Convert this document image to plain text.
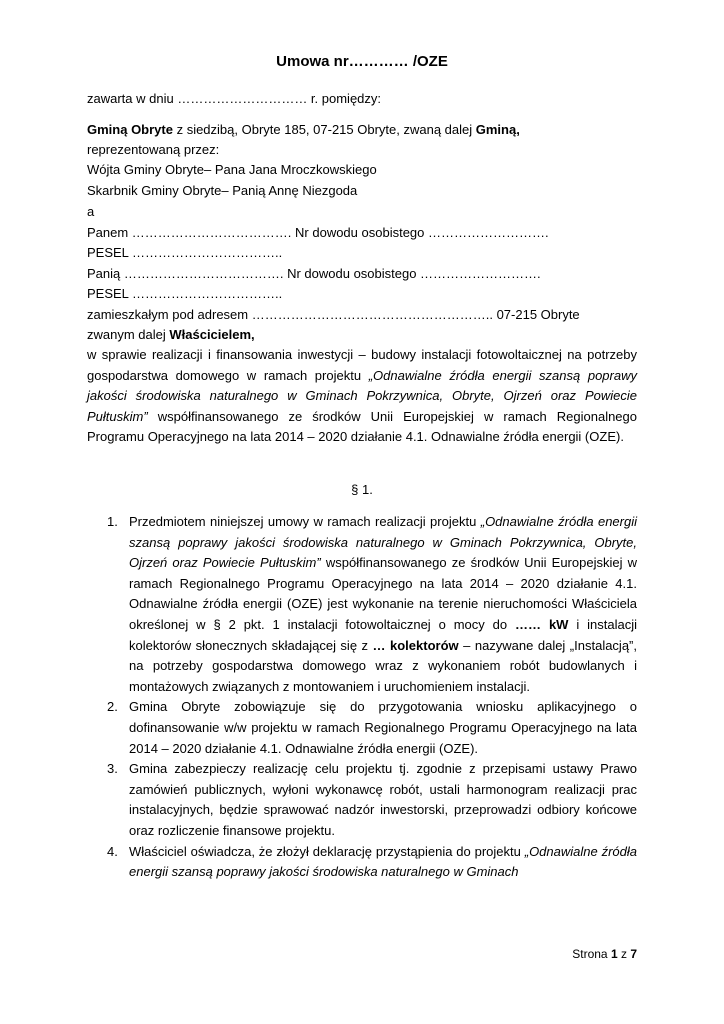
Umowa nr………… /OZE
zawarta w dniu ………………………… r. pomiędzy:
Gminą Obryte z siedzibą, Obryte 185, 07-215 Obryte, zwaną dalej Gminą,
reprezentowaną przez:
Wójta Gminy Obryte– Pana Jana Mroczkowskiego
Skarbnik Gminy Obryte– Panią Annę Niezgoda
a
Panem ………………………………. Nr dowodu osobistego ……………………….
PESEL ……………………………..
Panią ………………………………. Nr dowodu osobistego ……………………….
PESEL ……………………………..
zamieszkałym pod adresem ……………………………………………….. 07-215 Obryte
zwanym dalej Właścicielem,
w sprawie realizacji i finansowania inwestycji – budowy instalacji fotowoltaicznej na potrzeby gospodarstwa domowego w ramach projektu „Odnawialne źródła energii szansą poprawy jakości środowiska naturalnego w Gminach Pokrzywnica, Obryte, Ojrzeń oraz Powiecie Pułtuskim” współfinansowanego ze środków Unii Europejskiej w ramach Regionalnego Programu Operacyjnego na lata 2014 – 2020 działanie 4.1. Odnawialne źródła energii (OZE).
§ 1.
1. Przedmiotem niniejszej umowy w ramach realizacji projektu „Odnawialne źródła energii szansą poprawy jakości środowiska naturalnego w Gminach Pokrzywnica, Obryte, Ojrzeń oraz Powiecie Pułtuskim” współfinansowanego ze środków Unii Europejskiej w ramach Regionalnego Programu Operacyjnego na lata 2014 – 2020 działanie 4.1. Odnawialne źródła energii (OZE) jest wykonanie na terenie nieruchomości Właściciela określonej w § 2 pkt. 1 instalacji fotowoltaicznej o mocy do …… kW i instalacji kolektorów słonecznych składającej się z … kolektorów – nazywane dalej „Instalacją”, na potrzeby gospodarstwa domowego wraz z wykonaniem robót budowlanych i montażowych związanych z montowaniem i uruchomieniem instalacji.
2. Gmina Obryte zobowiązuje się do przygotowania wniosku aplikacyjnego o dofinansowanie w/w projektu w ramach Regionalnego Programu Operacyjnego na lata 2014 – 2020 działanie 4.1. Odnawialne źródła energii (OZE).
3. Gmina zabezpieczy realizację celu projektu tj. zgodnie z przepisami ustawy Prawo zamówień publicznych, wyłoni wykonawcę robót, ustali harmonogram realizacji prac instalacyjnych, będzie sprawować nadzór inwestorski, przeprowadzi odbiory końcowe oraz rozliczenie finansowe projektu.
4. Właściciel oświadcza, że złożył deklarację przystąpienia do projektu „Odnawialne źródła energii szansą poprawy jakości środowiska naturalnego w Gminach
Strona 1 z 7
